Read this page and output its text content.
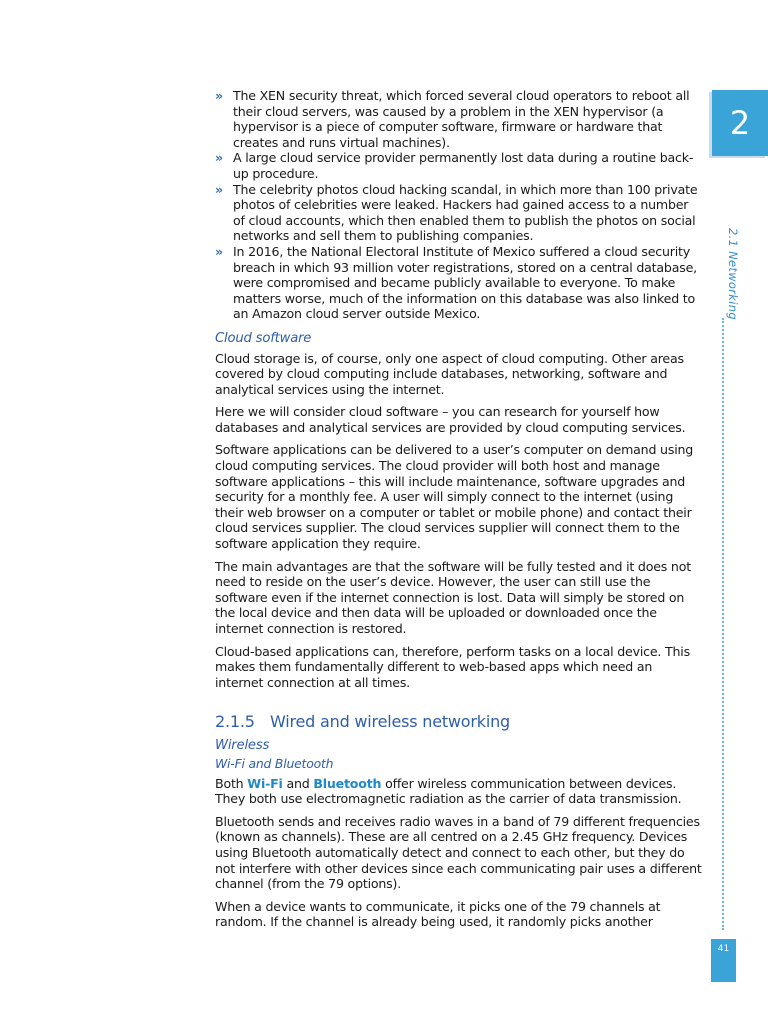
» The XEN security threat, which forced several cloud operators to reboot all their cloud servers, was caused by a problem in the XEN hypervisor (a hypervisor is a piece of computer software, firmware or hardware that creates and runs virtual machines).
» A large cloud service provider permanently lost data during a routine back-up procedure.
» The celebrity photos cloud hacking scandal, in which more than 100 private photos of celebrities were leaked. Hackers had gained access to a number of cloud accounts, which then enabled them to publish the photos on social networks and sell them to publishing companies.
» In 2016, the National Electoral Institute of Mexico suffered a cloud security breach in which 93 million voter registrations, stored on a central database, were compromised and became publicly available to everyone. To make matters worse, much of the information on this database was also linked to an Amazon cloud server outside Mexico.
Cloud software

Cloud storage is, of course, only one aspect of cloud computing. Other areas covered by cloud computing include databases, networking, software and analytical services using the internet.

Here we will consider cloud software – you can research for yourself how databases and analytical services are provided by cloud computing services.

Software applications can be delivered to a user’s computer on demand using cloud computing services. The cloud provider will both host and manage software applications – this will include maintenance, software upgrades and security for a monthly fee. A user will simply connect to the internet (using their web browser on a computer or tablet or mobile phone) and contact their cloud services supplier. The cloud services supplier will connect them to the software application they require.

The main advantages are that the software will be fully tested and it does not need to reside on the user’s device. However, the user can still use the software even if the internet connection is lost. Data will simply be stored on the local device and then data will be uploaded or downloaded once the internet connection is restored.

Cloud-based applications can, therefore, perform tasks on a local device. This makes them fundamentally different to web-based apps which need an internet connection at all times.

2.1.5 Wired and wireless networking
Wireless
Wi-Fi and Bluetooth

Both Wi-Fi and Bluetooth offer wireless communication between devices. They both use electromagnetic radiation as the carrier of data transmission.

Bluetooth sends and receives radio waves in a band of 79 different frequencies (known as channels). These are all centred on a 2.45 GHz frequency. Devices using Bluetooth automatically detect and connect to each other, but they do not interfere with other devices since each communicating pair uses a different channel (from the 79 options).

When a device wants to communicate, it picks one of the 79 channels at random. If the channel is already being used, it randomly picks another

2
2.1 Networking
41
